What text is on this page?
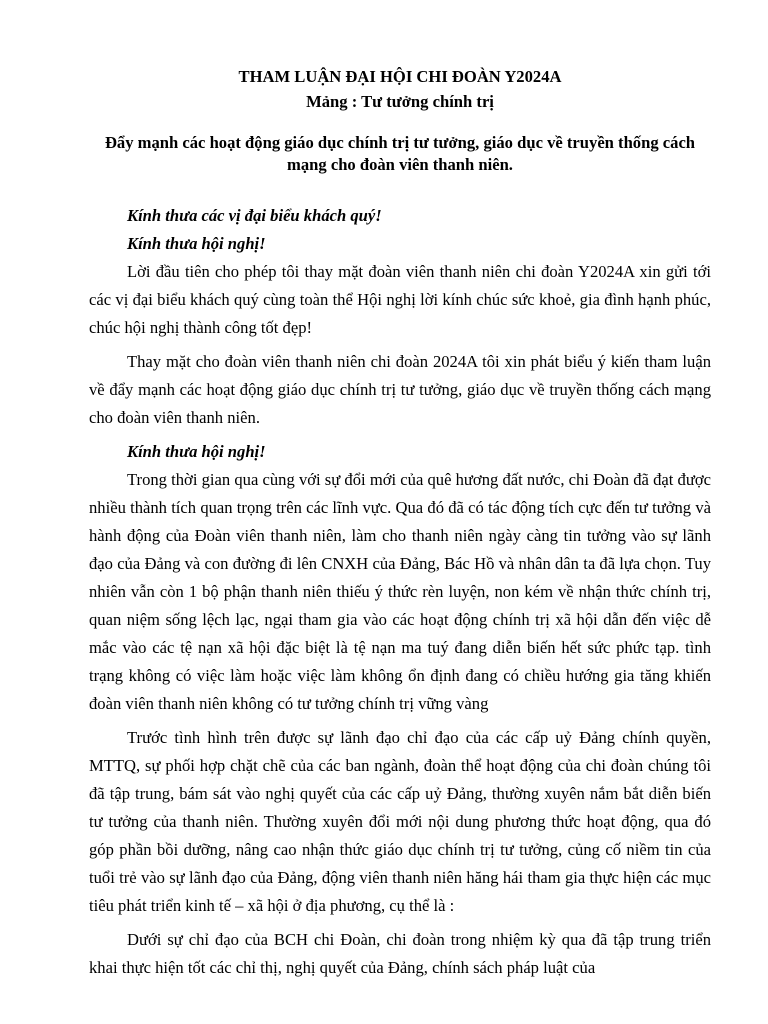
THAM LUẬN ĐẠI HỘI CHI ĐOÀN Y2024A
Mảng : Tư tưởng chính trị
Đẩy mạnh các hoạt động giáo dục chính trị tư tưởng, giáo dục về truyền thống cách mạng cho đoàn viên thanh niên.

Kính thưa các vị đại biểu khách quý!

Kính thưa hội nghị!

Lời đầu tiên cho phép tôi thay mặt đoàn viên thanh niên chi đoàn Y2024A xin gửi tới các vị đại biểu khách quý cùng toàn thể Hội nghị lời kính chúc sức khoẻ, gia đình hạnh phúc, chúc hội nghị thành công tốt đẹp!

Thay mặt cho đoàn viên thanh niên chi đoàn 2024A tôi xin phát biểu ý kiến tham luận về đẩy mạnh các hoạt động giáo dục chính trị tư tưởng, giáo dục về truyền thống cách mạng cho đoàn viên thanh niên.

Kính thưa hội nghị!

Trong thời gian qua cùng với sự đổi mới của quê hương đất nước, chi Đoàn đã đạt được nhiều thành tích quan trọng trên các lĩnh vực. Qua đó đã có tác động tích cực đến tư tưởng và hành động của Đoàn viên thanh niên, làm cho thanh niên ngày càng tin tưởng vào sự lãnh đạo của Đảng và con đường đi lên CNXH của Đảng, Bác Hồ và nhân dân ta đã lựa chọn. Tuy nhiên vẫn còn 1 bộ phận thanh niên thiếu ý thức rèn luyện, non kém về nhận thức chính trị, quan niệm sống lệch lạc, ngại tham gia vào các hoạt động chính trị xã hội dẫn đến việc dễ mắc vào các tệ nạn xã hội đặc biệt là tệ nạn ma tuý đang diễn biến hết sức phức tạp. tình trạng không có việc làm hoặc việc làm không ổn định đang có chiều hướng gia tăng khiến đoàn viên thanh niên không có tư tưởng chính trị vững vàng

Trước tình hình trên được sự lãnh đạo chỉ đạo của các cấp uỷ Đảng chính quyền, MTTQ, sự phối hợp chặt chẽ của các ban ngành, đoàn thể hoạt động của chi đoàn chúng tôi đã tập trung, bám sát vào nghị quyết của các cấp uỷ Đảng, thường xuyên nắm bắt diễn biến tư tưởng của thanh niên. Thường xuyên đổi mới nội dung phương thức hoạt động, qua đó góp phần bồi dưỡng, nâng cao nhận thức giáo dục chính trị tư tưởng, củng cố niềm tin của tuổi trẻ vào sự lãnh đạo của Đảng, động viên thanh niên hăng hái tham gia thực hiện các mục tiêu phát triển kinh tế – xã hội ở địa phương, cụ thể là :

Dưới sự chỉ đạo của BCH chi Đoàn, chi đoàn trong nhiệm kỳ qua đã tập trung triển khai thực hiện tốt các chỉ thị, nghị quyết của Đảng, chính sách pháp luật của
